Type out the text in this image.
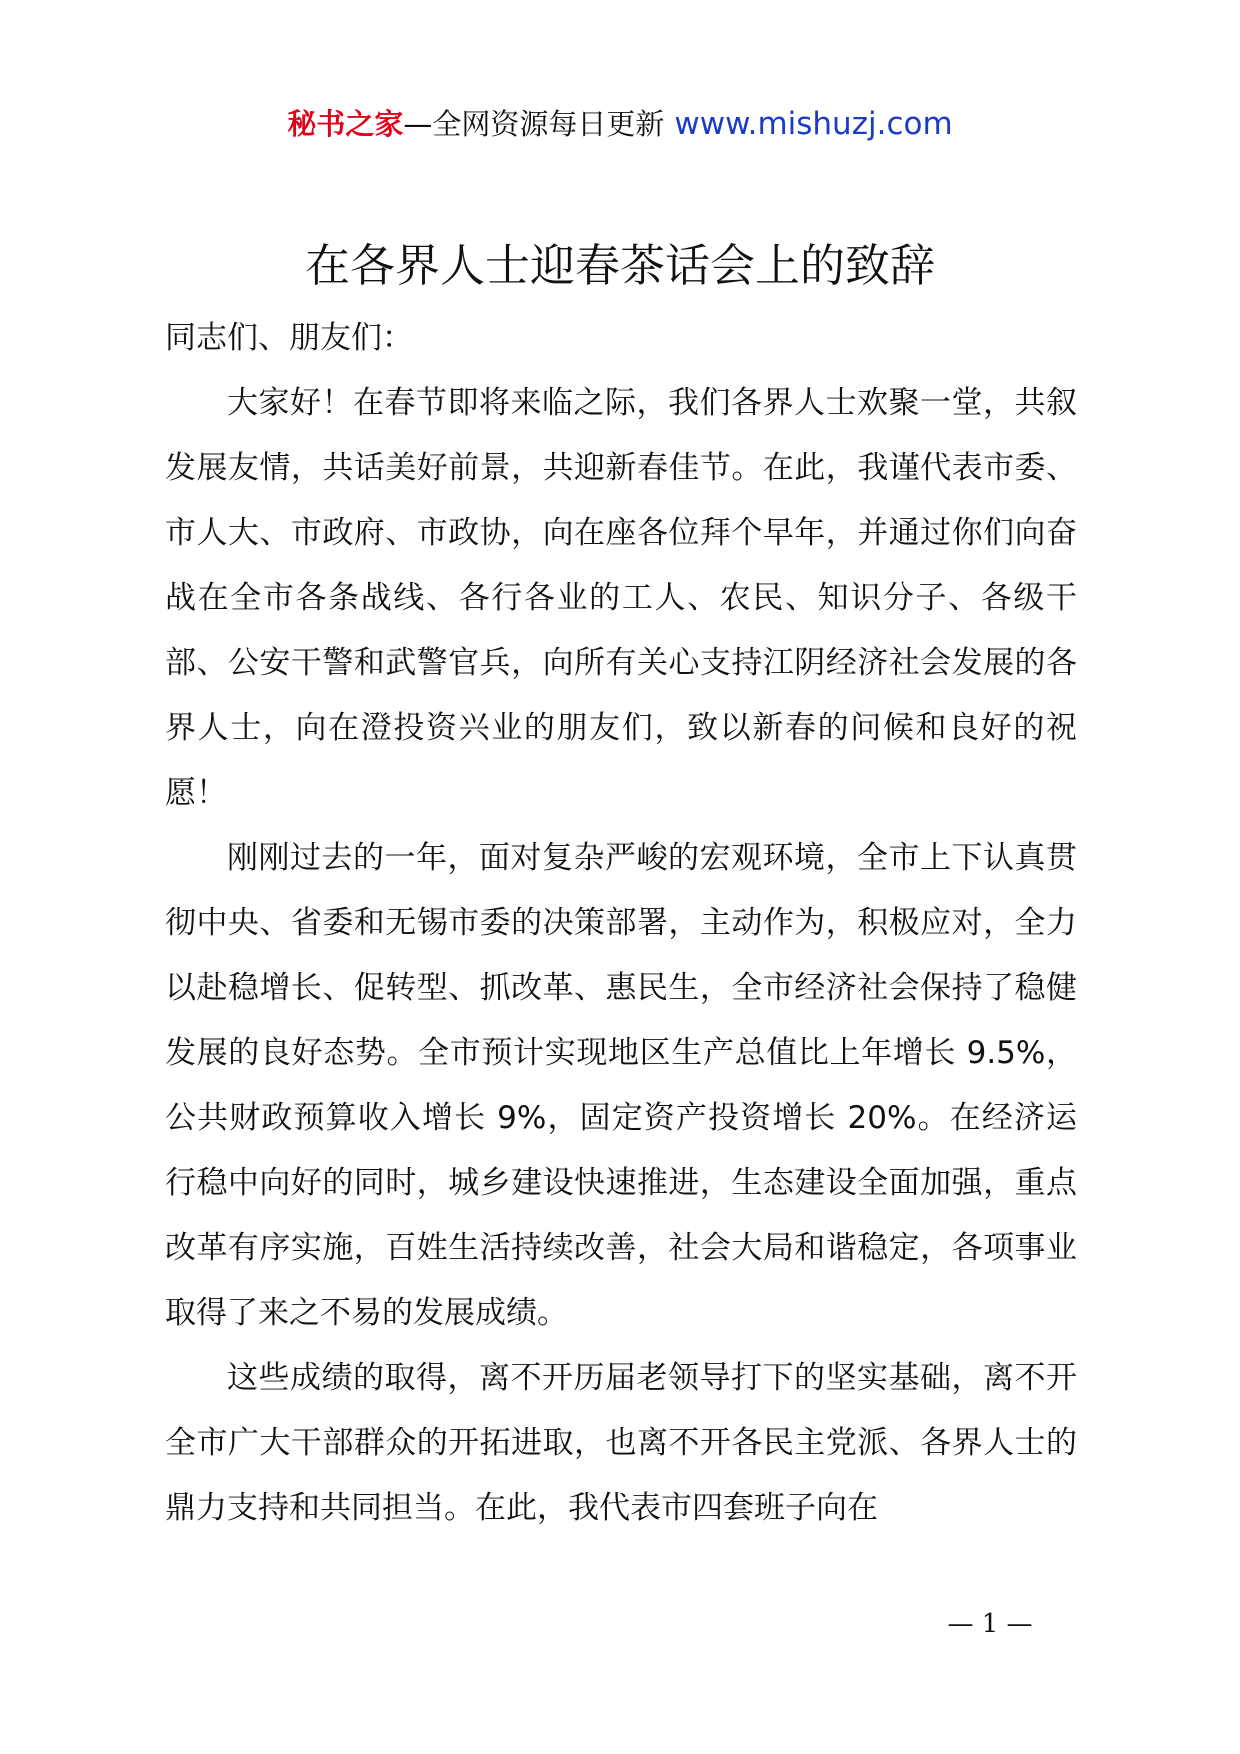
秘书之家—全网资源每日更新 www.mishuzj.com
在各界人士迎春茶话会上的致辞

同志们、朋友们：

大家好！在春节即将来临之际，我们各界人士欢聚一堂，共叙发展友情，共话美好前景，共迎新春佳节。在此，我谨代表市委、市人大、市政府、市政协，向在座各位拜个早年，并通过你们向奋战在全市各条战线、各行各业的工人、农民、知识分子、各级干部、公安干警和武警官兵，向所有关心支持江阴经济社会发展的各界人士，向在澄投资兴业的朋友们，致以新春的问候和良好的祝愿！

刚刚过去的一年，面对复杂严峻的宏观环境，全市上下认真贯彻中央、省委和无锡市委的决策部署，主动作为，积极应对，全力以赴稳增长、促转型、抓改革、惠民生，全市经济社会保持了稳健发展的良好态势。全市预计实现地区生产总值比上年增长 9.5%，公共财政预算收入增长 9%，固定资产投资增长 20%。在经济运行稳中向好的同时，城乡建设快速推进，生态建设全面加强，重点改革有序实施，百姓生活持续改善，社会大局和谐稳定，各项事业取得了来之不易的发展成绩。

这些成绩的取得，离不开历届老领导打下的坚实基础，离不开全市广大干部群众的开拓进取，也离不开各民主党派、各界人士的鼎力支持和共同担当。在此，我代表市四套班子向在

— 1 —
